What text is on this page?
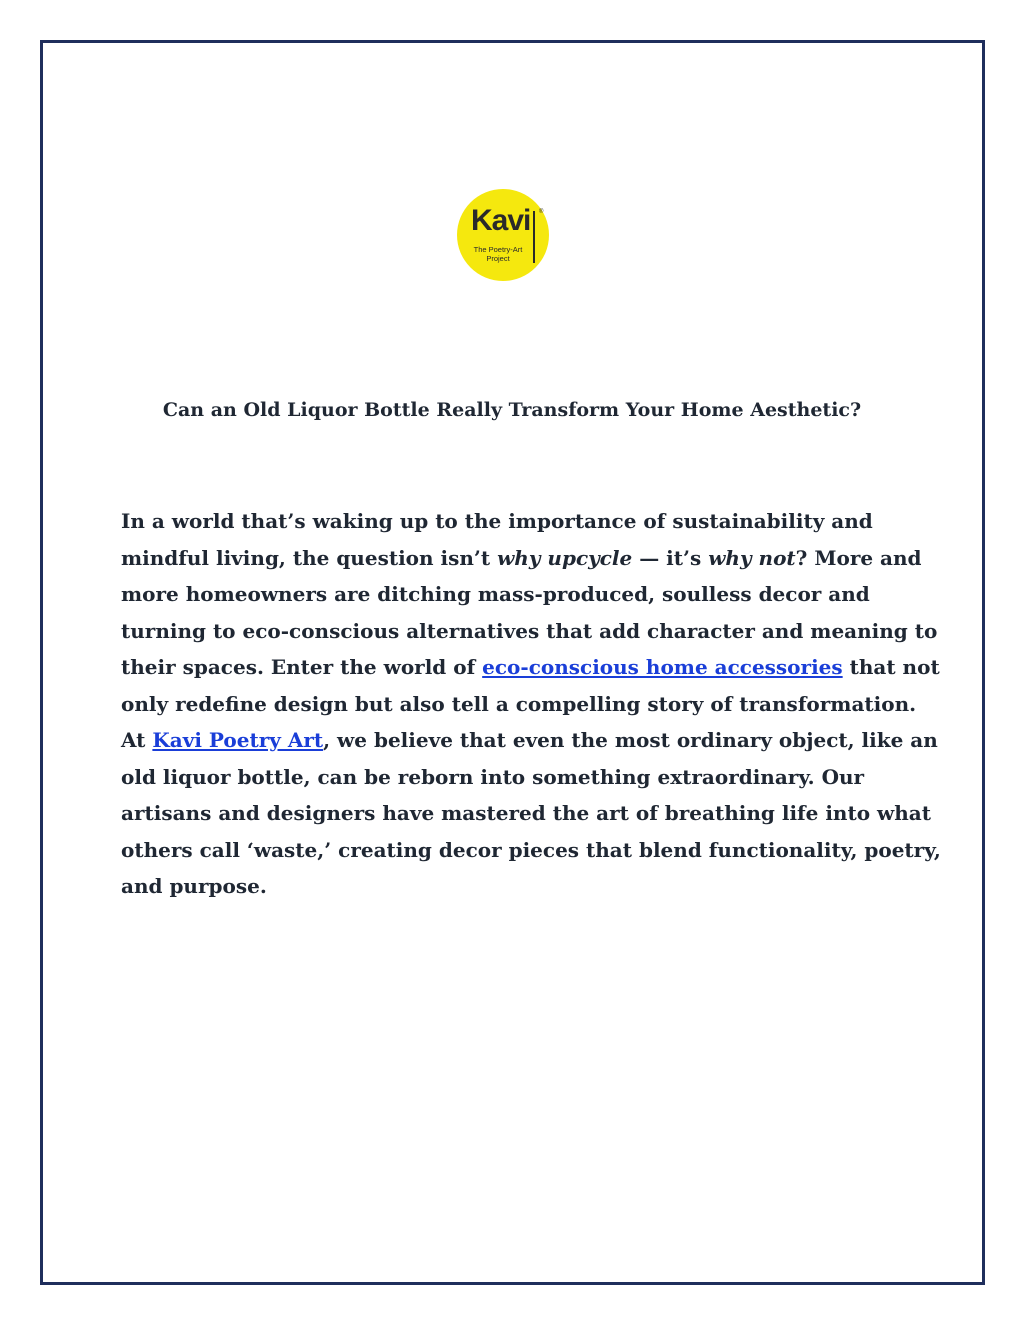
Kavi ®
The Poetry-Art
Project
Can an Old Liquor Bottle Really Transform Your Home Aesthetic?
In a world that’s waking up to the importance of sustainability and
mindful living, the question isn’t why upcycle — it’s why not? More and
more homeowners are ditching mass-produced, soulless decor and
turning to eco-conscious alternatives that add character and meaning to
their spaces. Enter the world of eco-conscious home accessories that not
only redefine design but also tell a compelling story of transformation.
At Kavi Poetry Art, we believe that even the most ordinary object, like an
old liquor bottle, can be reborn into something extraordinary. Our
artisans and designers have mastered the art of breathing life into what
others call ‘waste,’ creating decor pieces that blend functionality, poetry,
and purpose.
